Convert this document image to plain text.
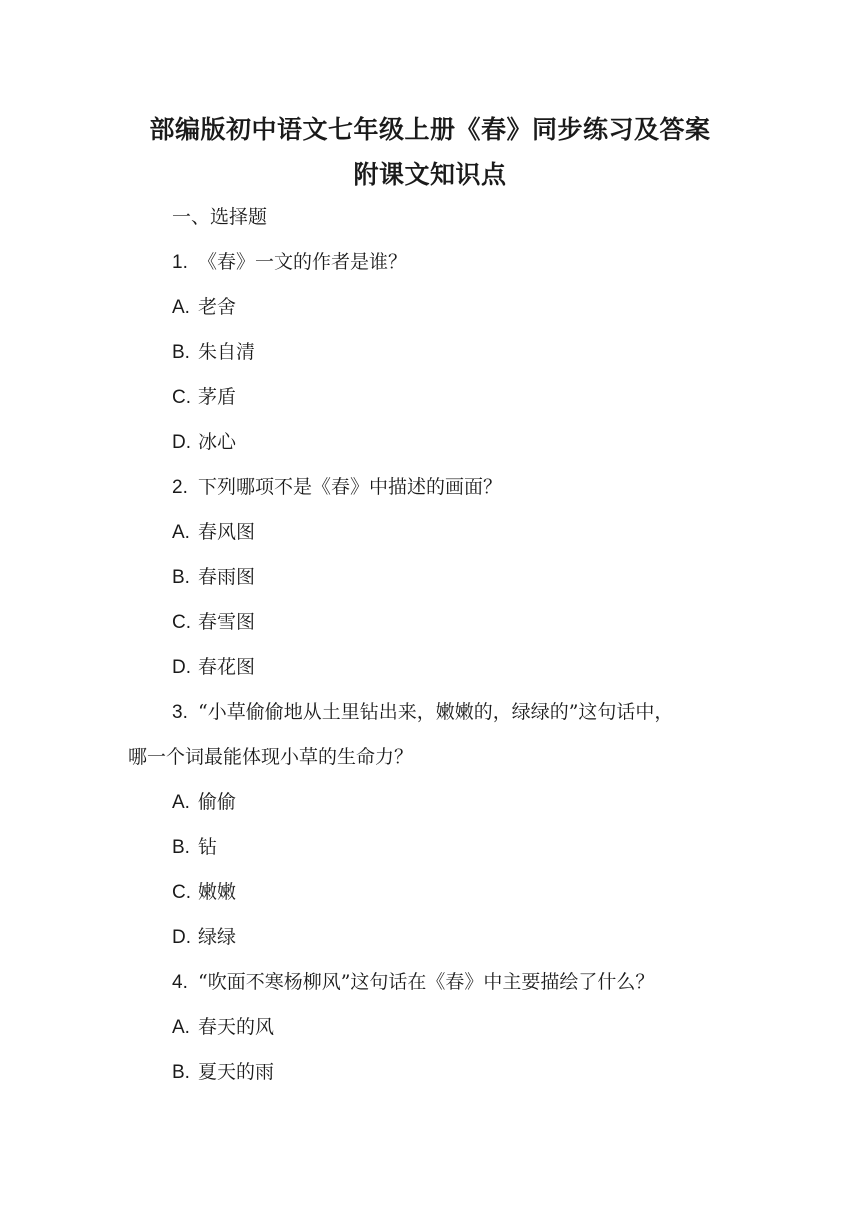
部编版初中语文七年级上册《春》同步练习及答案
附课文知识点
一、选择题
1. 《春》一文的作者是谁？
A. 老舍
B. 朱自清
C. 茅盾
D. 冰心
2. 下列哪项不是《春》中描述的画面？
A. 春风图
B. 春雨图
C. 春雪图
D. 春花图
3. “小草偷偷地从土里钻出来，嫩嫩的，绿绿的”这句话中，
哪一个词最能体现小草的生命力？
A. 偷偷
B. 钻
C. 嫩嫩
D. 绿绿
4. “吹面不寒杨柳风”这句话在《春》中主要描绘了什么？
A. 春天的风
B. 夏天的雨
